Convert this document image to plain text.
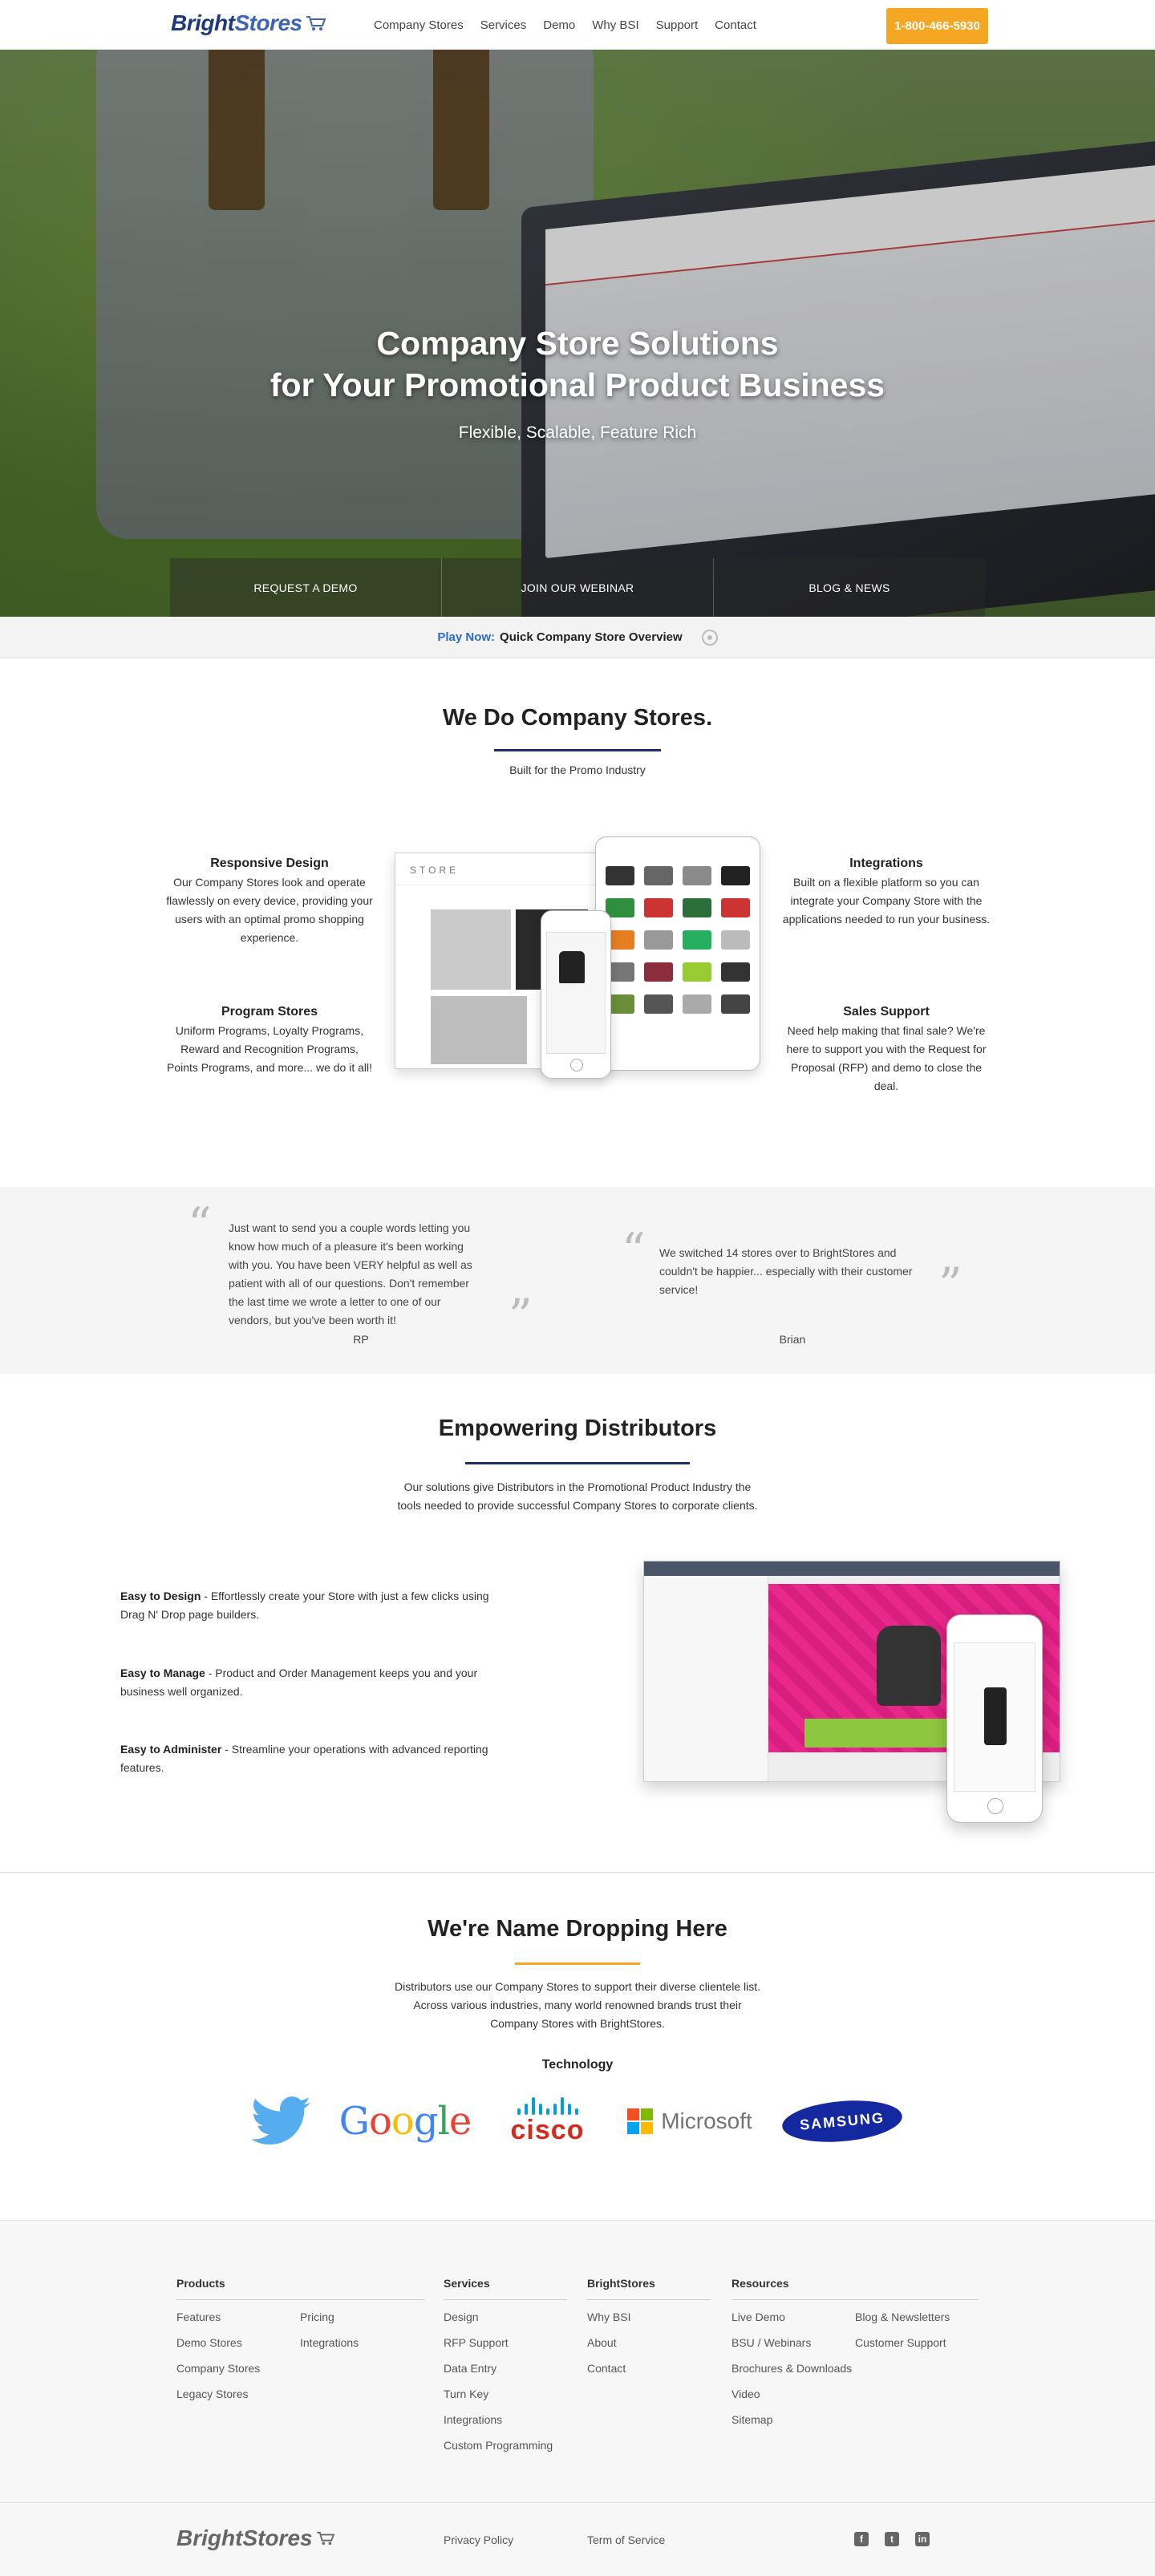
Bright Stores	Company Stores Services Demo Why BSI Support Contact	1-800-466-5930
Company Store Solutions
for Your Promotional Product Business

Flexible, Scalable, Feature Rich

REQUEST A DEMO	JOIN OUR WEBINAR	BLOG & NEWS
Play Now: Quick Company Store Overview
We Do Company Stores.

Built for the Promo Industry

Responsive Design

Our Company Stores look and operate flawlessly on every device, providing your users with an optimal promo shopping experience.

Integrations

Built on a flexible platform so you can integrate your Company Store with the applications needed to run your business.

Program Stores

Uniform Programs, Loyalty Programs, Reward and Recognition Programs, Points Programs, and more... we do it all!

Sales Support

Need help making that final sale? We're here to support you with the Request for Proposal (RFP) and demo to close the deal.

STORE
“ Just want to send you a couple words letting you know how much of a pleasure it's been working with you. You have been VERY helpful as well as patient with all of our questions. Don't remember the last time we wrote a letter to one of our vendors, but you've been worth it!	”

RP

“ We switched 14 stores over to BrightStores and couldn't be happier... especially with their customer service!	”

Brian

Empowering Distributors

Our solutions give Distributors in the Promotional Product Industry the tools needed to provide successful Company Stores to corporate clients.

Easy to Design - Effortlessly create your Store with just a few clicks using Drag N' Drop page builders.

Easy to Manage - Product and Order Management keeps you and your business well organized.

Easy to Administer - Streamline your operations with advanced reporting features.

We're Name Dropping Here

Distributors use our Company Stores to support their diverse clientele list. Across various industries, many world renowned brands trust their Company Stores with BrightStores.

Technology

G o o g l e cisco	Microsoft	SAMSUNG
Products
Features
Demo Stores
Company Stores
Legacy Stores
Pricing
Integrations
Services
Design
RFP Support
Data Entry
Turn Key
Integrations
Custom Programming
BrightStores
Why BSI
About
Contact
Resources
Live Demo
BSU / Webinars
Brochures & Downloads
Video
Sitemap
Blog & Newsletters
Customer Support
Bright Stores	Privacy Policy	Term of Service	f	t	in
